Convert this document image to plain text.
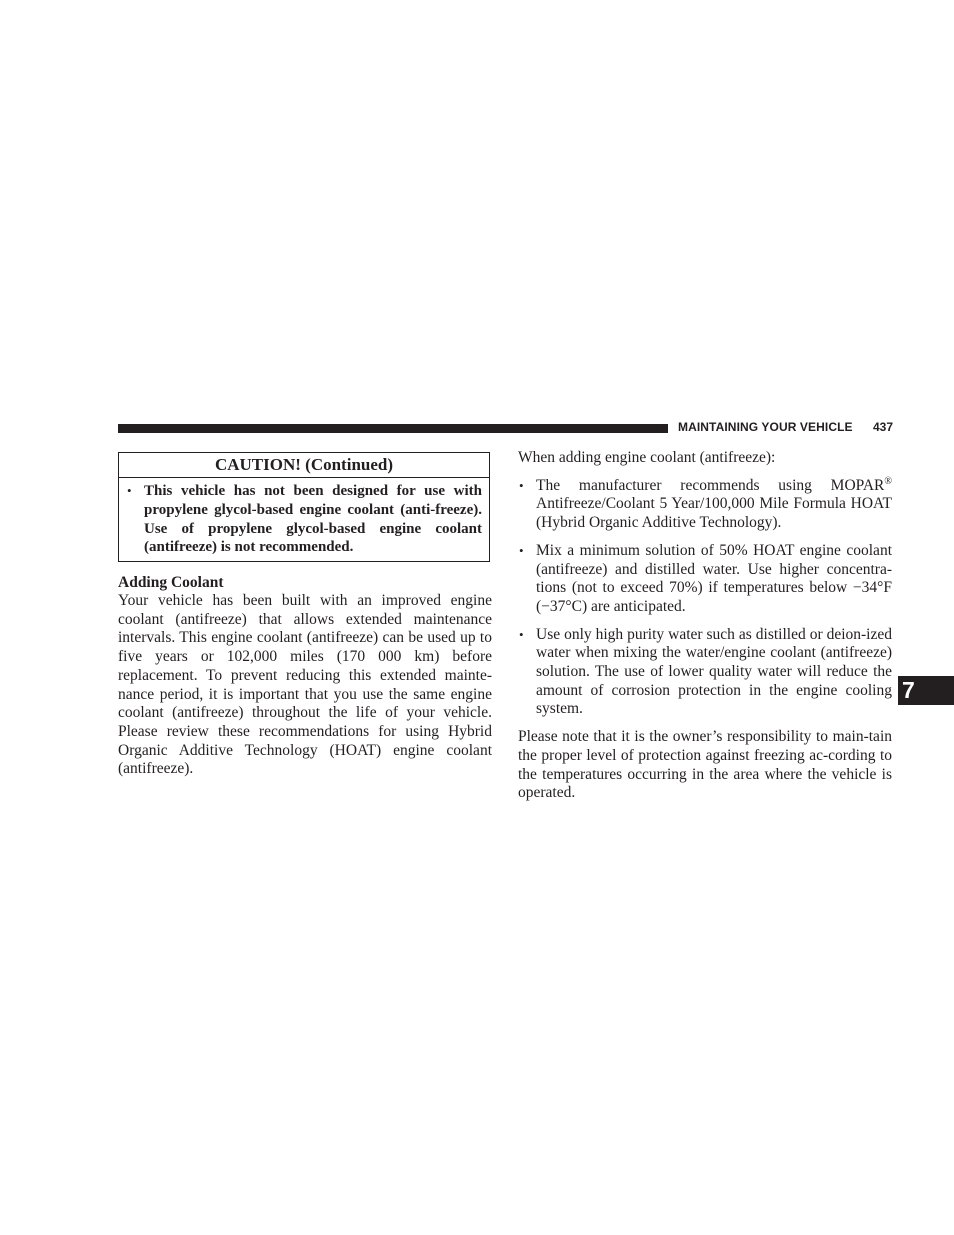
MAINTAINING YOUR VEHICLE	437
CAUTION! (Continued)
• This vehicle has not been designed for use with propylene glycol-based engine coolant (anti-freeze). Use of propylene glycol-based engine coolant (antifreeze) is not recommended.
Adding Coolant
Your vehicle has been built with an improved engine coolant (antifreeze) that allows extended maintenance intervals. This engine coolant (antifreeze) can be used up to five years or 102,000 miles (170 000 km) before replacement. To prevent reducing this extended mainte-nance period, it is important that you use the same engine coolant (antifreeze) throughout the life of your vehicle. Please review these recommendations for using Hybrid Organic Additive Technology (HOAT) engine coolant (antifreeze).
When adding engine coolant (antifreeze):
• The manufacturer recommends using MOPAR® Antifreeze/Coolant 5 Year/100,000 Mile Formula HOAT (Hybrid Organic Additive Technology).
• Mix a minimum solution of 50% HOAT engine coolant (antifreeze) and distilled water. Use higher concentra-tions (not to exceed 70%) if temperatures below −34°F (−37°C) are anticipated.
• Use only high purity water such as distilled or deion-ized water when mixing the water/engine coolant (antifreeze) solution. The use of lower quality water will reduce the amount of corrosion protection in the engine cooling system.
Please note that it is the owner’s responsibility to main-tain the proper level of protection against freezing ac-cording to the temperatures occurring in the area where the vehicle is operated.
7
